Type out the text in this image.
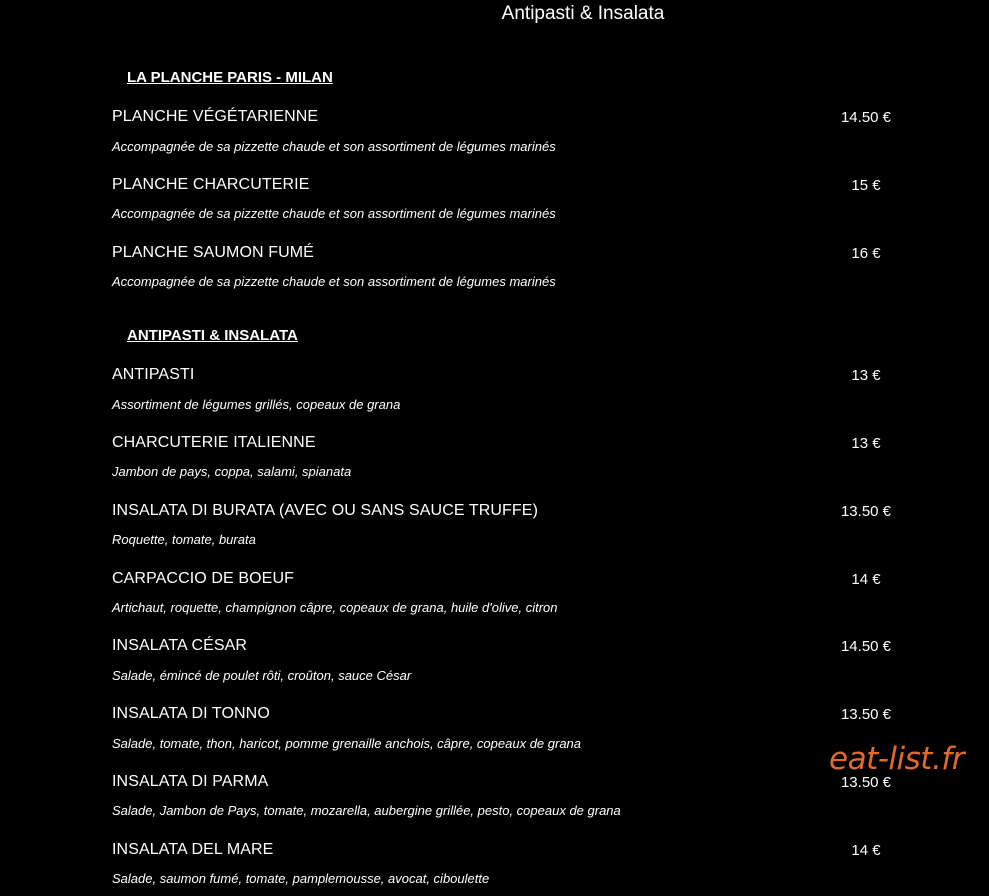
Antipasti & Insalata
LA PLANCHE PARIS - MILAN
PLANCHE VÉGÉTARIENNE	14.50 €
Accompagnée de sa pizzette chaude et son assortiment de légumes marinés
PLANCHE CHARCUTERIE	15 €
Accompagnée de sa pizzette chaude et son assortiment de légumes marinés
PLANCHE SAUMON FUMÉ	16 €
Accompagnée de sa pizzette chaude et son assortiment de légumes marinés
ANTIPASTI & INSALATA
ANTIPASTI	13 €
Assortiment de légumes grillés, copeaux de grana
CHARCUTERIE ITALIENNE	13 €
Jambon de pays, coppa, salami, spianata
INSALATA DI BURATA (AVEC OU SANS SAUCE TRUFFE)	13.50 €
Roquette, tomate, burata
CARPACCIO DE BOEUF	14 €
Artichaut, roquette, champignon câpre, copeaux de grana, huile d'olive, citron
INSALATA CÉSAR	14.50 €
Salade, émincé de poulet rôti, croûton, sauce César
INSALATA DI TONNO	13.50 €
Salade, tomate, thon, haricot, pomme grenaille anchois, câpre, copeaux de grana
INSALATA DI PARMA	13.50 €
Salade, Jambon de Pays, tomate, mozarella, aubergine grillée, pesto, copeaux de grana
INSALATA DEL MARE	14 €
Salade, saumon fumé, tomate, pamplemousse, avocat, ciboulette
eat-list.fr
